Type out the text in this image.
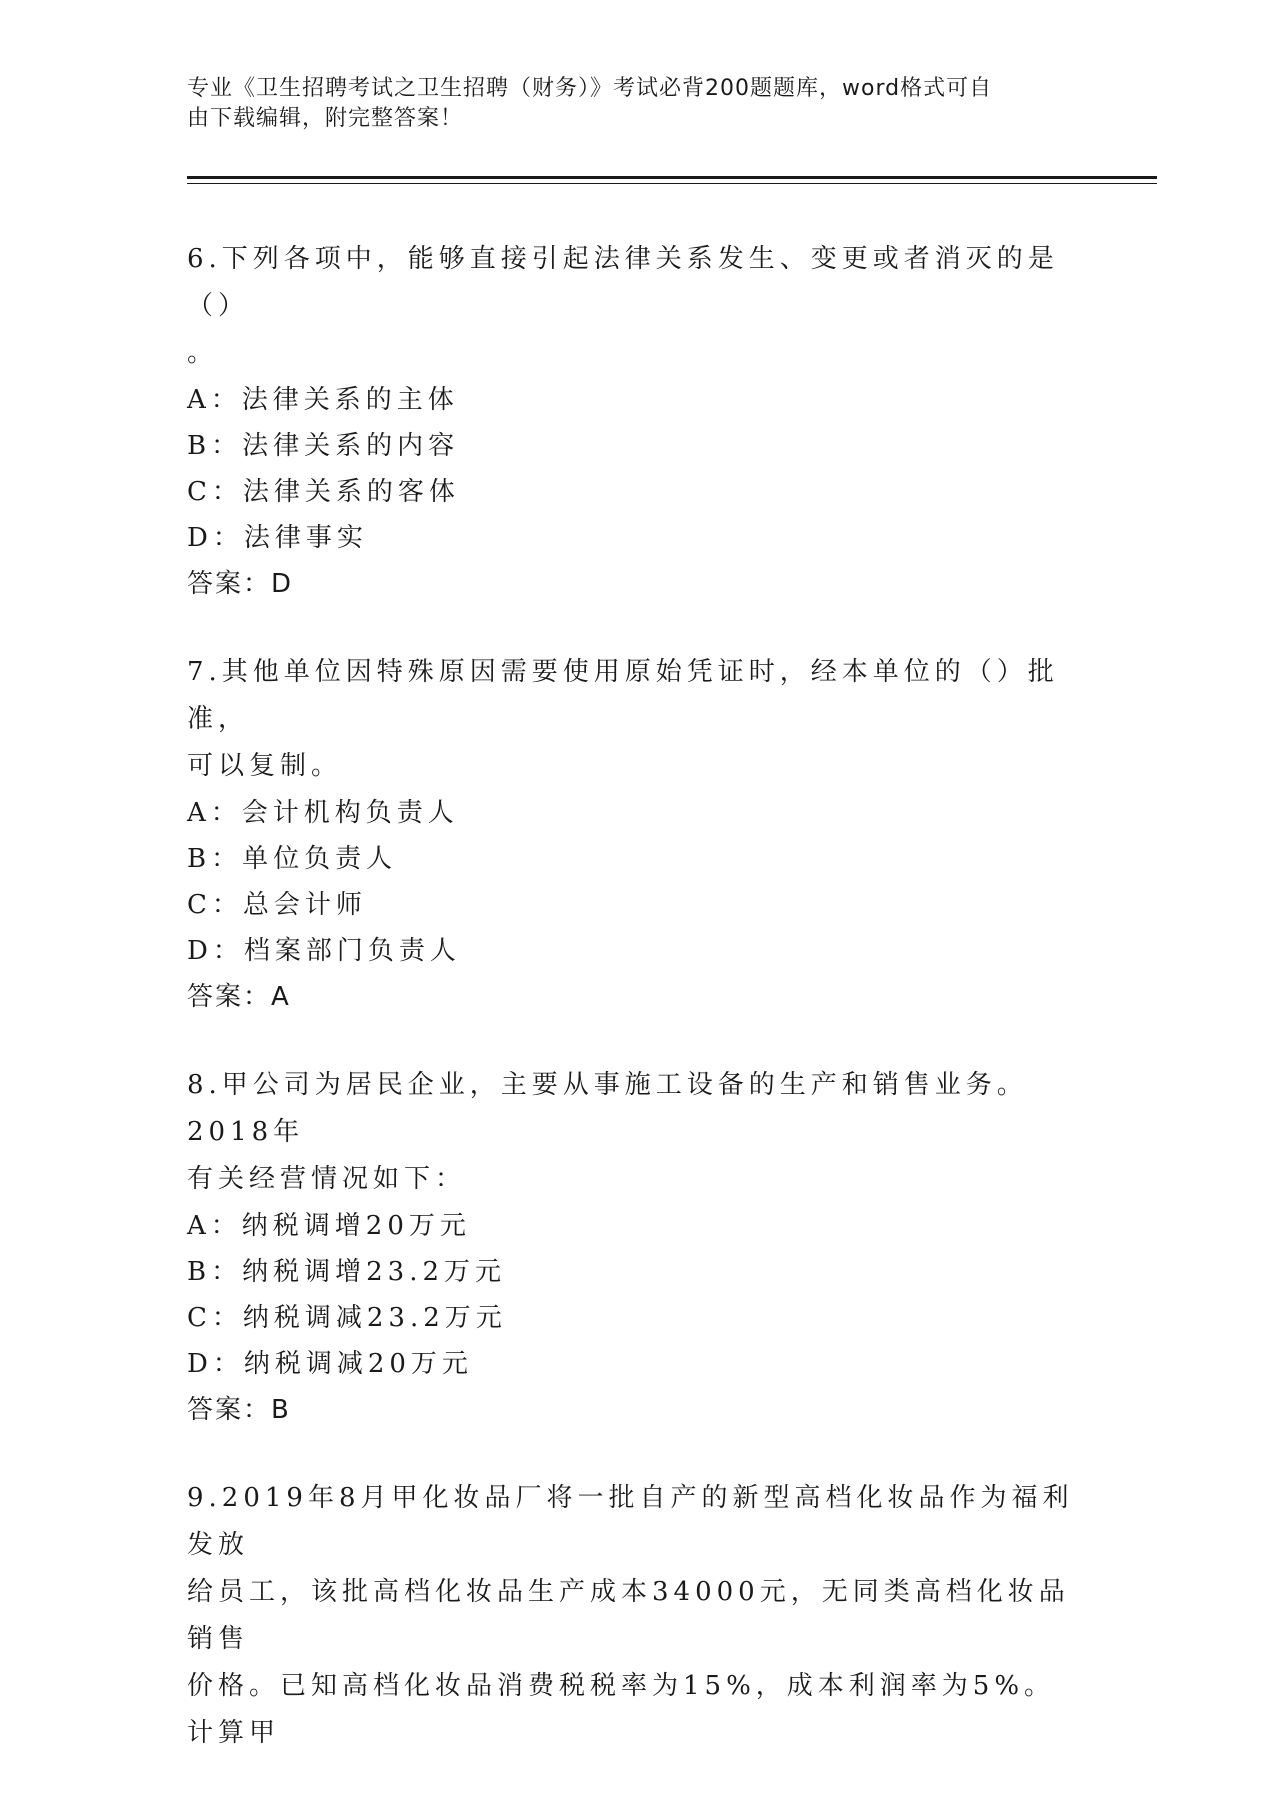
专业《卫生招聘考试之卫生招聘（财务）》考试必背200题题库，word格式可自
由下载编辑，附完整答案！
6.下列各项中，能够直接引起法律关系发生、变更或者消灭的是（）
。
A：法律关系的主体
B：法律关系的内容
C：法律关系的客体
D：法律事实
答案：D
7.其他单位因特殊原因需要使用原始凭证时，经本单位的（）批准，
可以复制。
A：会计机构负责人
B：单位负责人
C：总会计师
D：档案部门负责人
答案：A
8.甲公司为居民企业，主要从事施工设备的生产和销售业务。2018年
有关经营情况如下：
A：纳税调增20万元
B：纳税调增23.2万元
C：纳税调减23.2万元
D：纳税调减20万元
答案：B
9.2019年8月甲化妆品厂将一批自产的新型高档化妆品作为福利发放
给员工，该批高档化妆品生产成本34000元，无同类高档化妆品销售
价格。已知高档化妆品消费税税率为15%，成本利润率为5%。计算甲
